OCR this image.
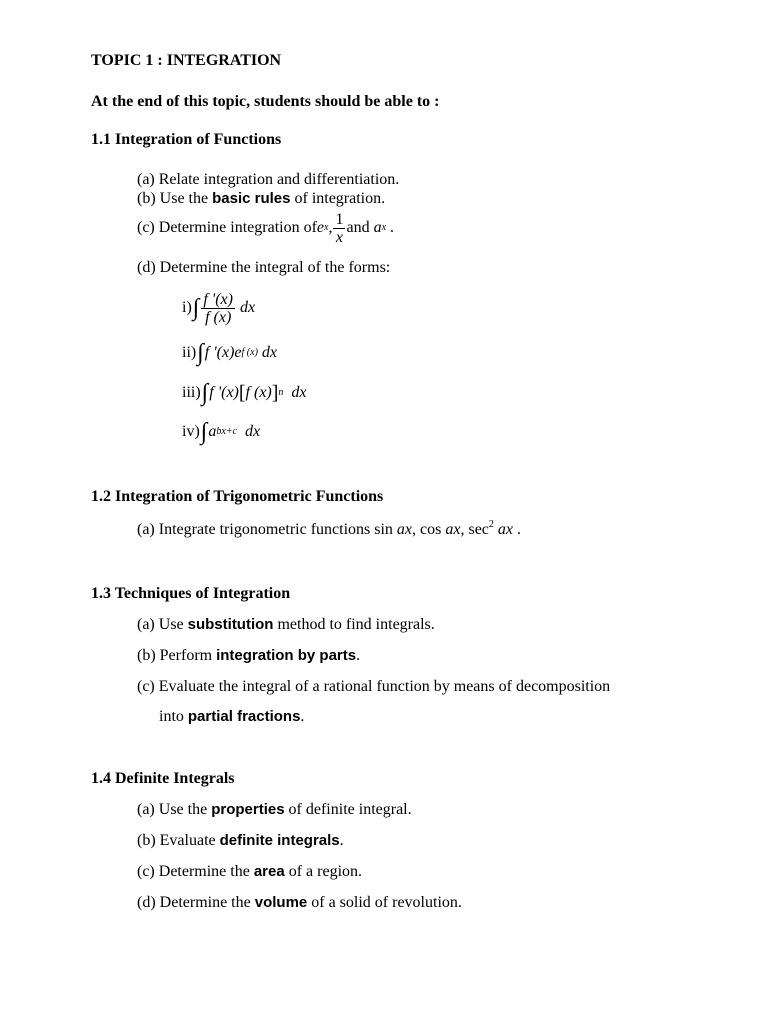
TOPIC 1 : INTEGRATION
At the end of this topic, students should be able to :
1.1 Integration of Functions
(a) Relate integration and differentiation.
(b) Use the basic rules of integration.
(c) Determine integration of e x , $\frac{1}{x}$ and
a x
.
(d) Determine the integral of the forms:
i) ∫ $\frac{f '(x)}{f (x)}$
dx
ii) ∫ f '(x)e f (x)
dx
iii) ∫ f '(x) [ f (x) ] n
dx
iv) ∫ a bx+c
dx
1.2 Integration of Trigonometric Functions
(a) Integrate trigonometric functions sin ax, cos ax, $\sec^2$ ax .
1.3 Techniques of Integration
(a) Use substitution method to find integrals.
(b) Perform integration by parts.
(c) Evaluate the integral of a rational function by means of decomposition
into partial fractions.
1.4 Definite Integrals
(a) Use the properties of definite integral.
(b) Evaluate definite integrals.
(c) Determine the area of a region.
(d) Determine the volume of a solid of revolution.
